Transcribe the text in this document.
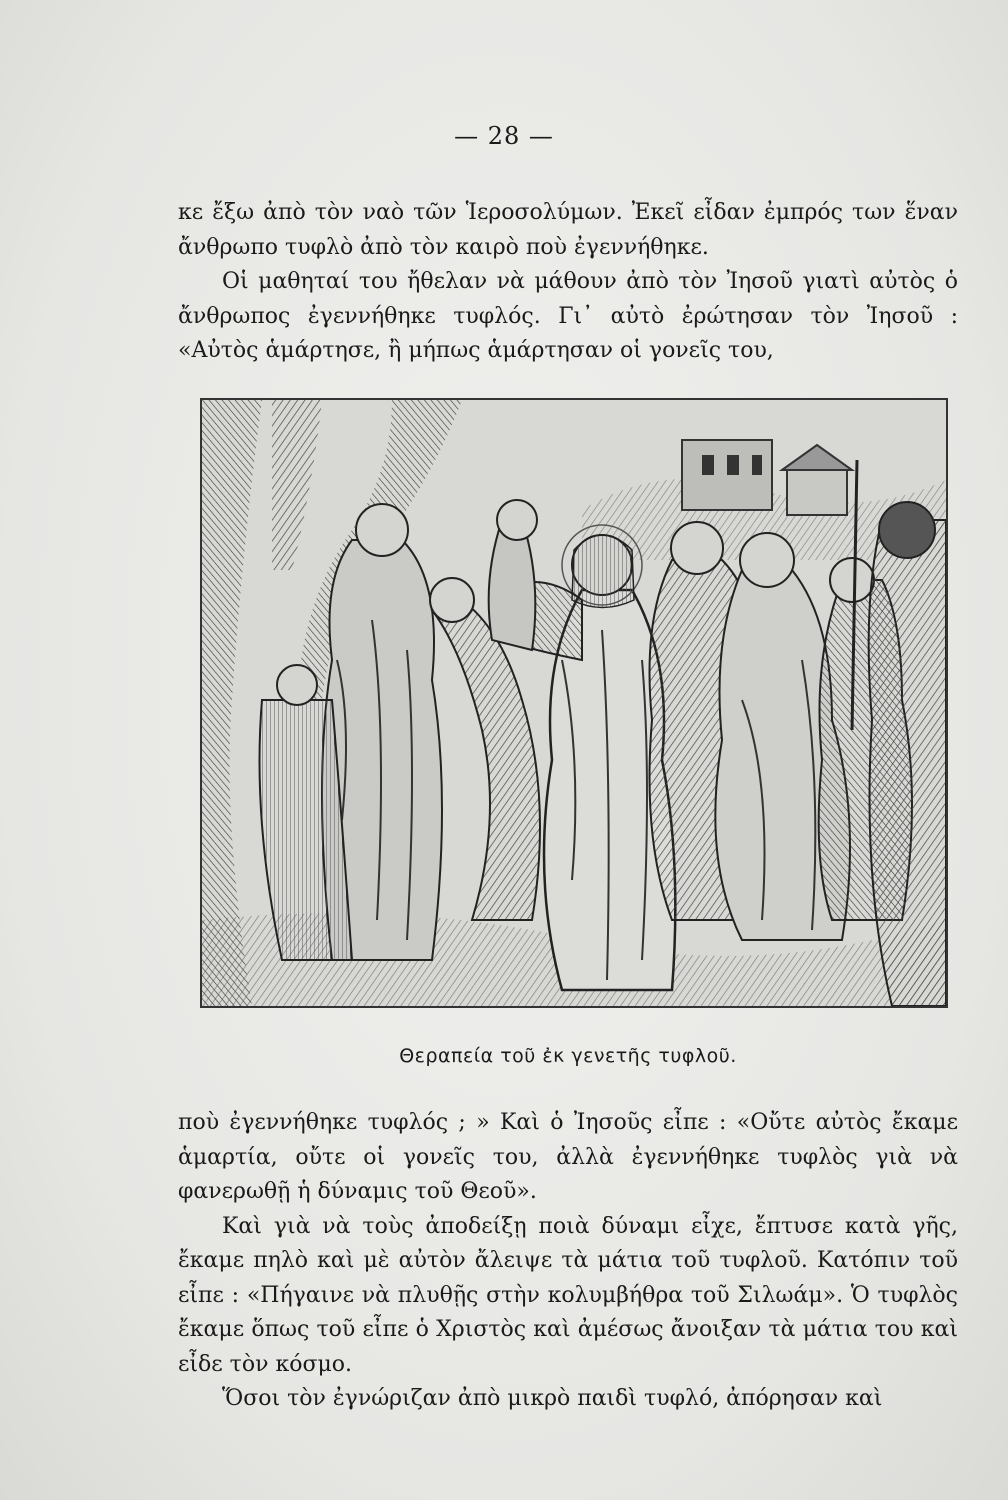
— 28 —

κε ἔξω ἀπὸ τὸν ναὸ τῶν Ἱεροσολύμων. Ἐκεῖ εἶδαν ἐμπρός των ἕναν ἄνθρωπο τυφλὸ ἀπὸ τὸν καιρὸ ποὺ ἐγεννήθηκε.

Οἱ μαθηταί του ἤθελαν νὰ μάθουν ἀπὸ τὸν Ἰησοῦ γιατὶ αὐτὸς ὁ ἄνθρωπος ἐγεννήθηκε τυφλός. Γι᾽ αὐτὸ ἐρώτησαν τὸν Ἰησοῦ : «Αὐτὸς ἁμάρτησε, ἢ μήπως ἁμάρτησαν οἱ γονεῖς του,

Θεραπεία τοῦ ἐκ γενετῆς τυφλοῦ.

ποὺ ἐγεννήθηκε τυφλός ; » Καὶ ὁ Ἰησοῦς εἶπε : «Οὔτε αὐτὸς ἔκαμε ἁμαρτία, οὔτε οἱ γονεῖς του, ἀλλὰ ἐγεννήθηκε τυφλὸς γιὰ νὰ φανερωθῇ ἡ δύναμις τοῦ Θεοῦ».

Καὶ γιὰ νὰ τοὺς ἀποδείξῃ ποιὰ δύναμι εἶχε, ἔπτυσε κατὰ γῆς, ἔκαμε πηλὸ καὶ μὲ αὐτὸν ἄλειψε τὰ μάτια τοῦ τυφλοῦ. Κατόπιν τοῦ εἶπε : «Πήγαινε νὰ πλυθῇς στὴν κολυμβήθρα τοῦ Σιλωάμ». Ὁ τυφλὸς ἔκαμε ὅπως τοῦ εἶπε ὁ Χριστὸς καὶ ἀμέσως ἄνοιξαν τὰ μάτια του καὶ εἶδε τὸν κόσμο.

Ὅσοι τὸν ἐγνώριζαν ἀπὸ μικρὸ παιδὶ τυφλό, ἀπόρησαν καὶ
